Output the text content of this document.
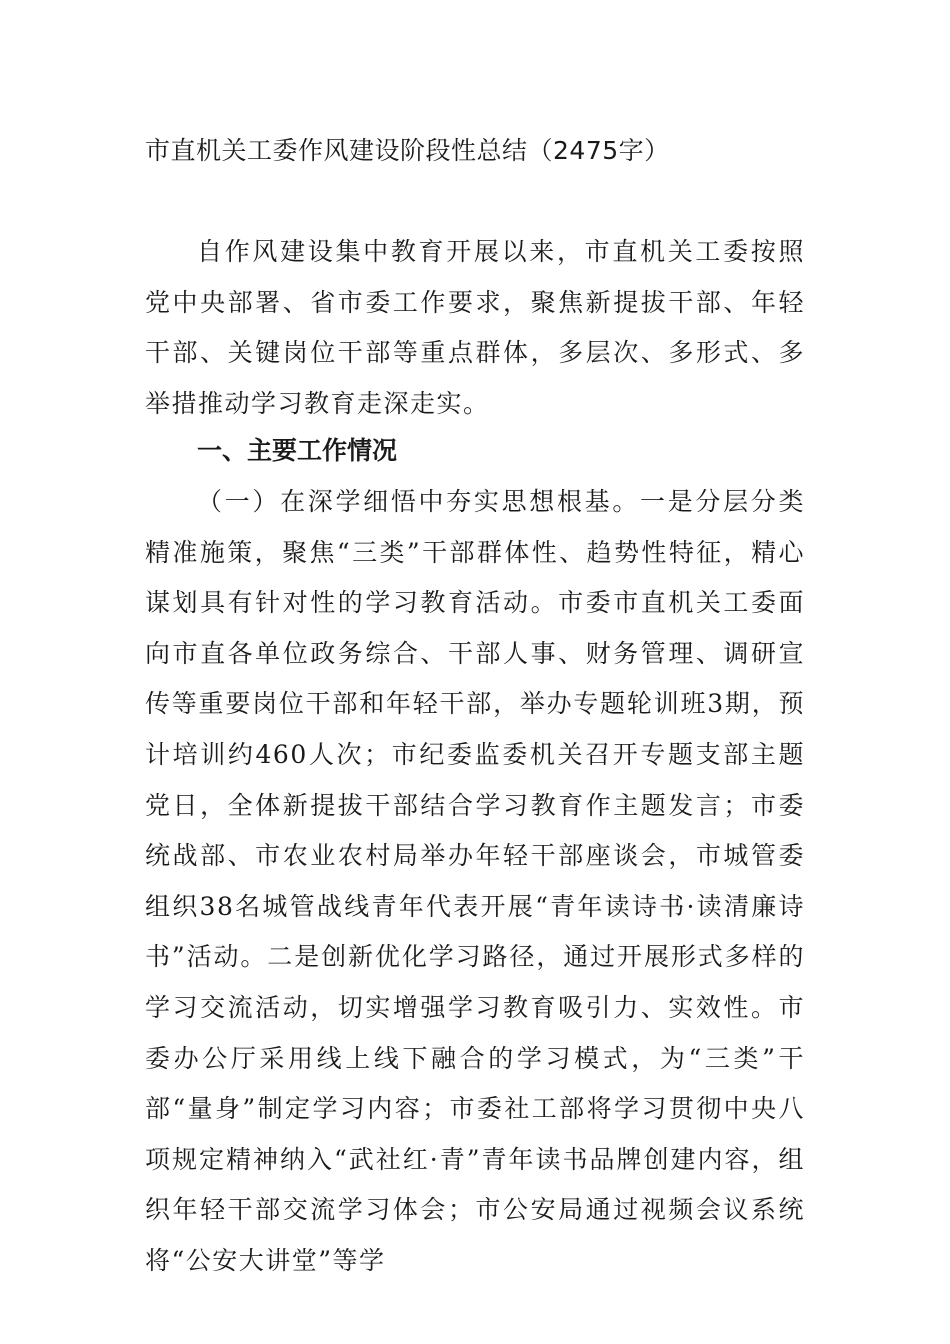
市直机关工委作风建设阶段性总结（2475字）

自作风建设集中教育开展以来，市直机关工委按照党中央部署、省市委工作要求，聚焦新提拔干部、年轻干部、关键岗位干部等重点群体，多层次、多形式、多举措推动学习教育走深走实。

一、主要工作情况

（一）在深学细悟中夯实思想根基。一是分层分类精准施策，聚焦“三类”干部群体性、趋势性特征，精心谋划具有针对性的学习教育活动。市委市直机关工委面向市直各单位政务综合、干部人事、财务管理、调研宣传等重要岗位干部和年轻干部，举办专题轮训班3期，预计培训约460人次；市纪委监委机关召开专题支部主题党日，全体新提拔干部结合学习教育作主题发言；市委统战部、市农业农村局举办年轻干部座谈会，市城管委组织38名城管战线青年代表开展“青年读诗书·读清廉诗书”活动。二是创新优化学习路径，通过开展形式多样的学习交流活动，切实增强学习教育吸引力、实效性。市委办公厅采用线上线下融合的学习模式，为“三类”干部“量身”制定学习内容；市委社工部将学习贯彻中央八项规定精神纳入“武社红·青”青年读书品牌创建内容，组织年轻干部交流学习体会；市公安局通过视频会议系统将“公安大讲堂”等学
